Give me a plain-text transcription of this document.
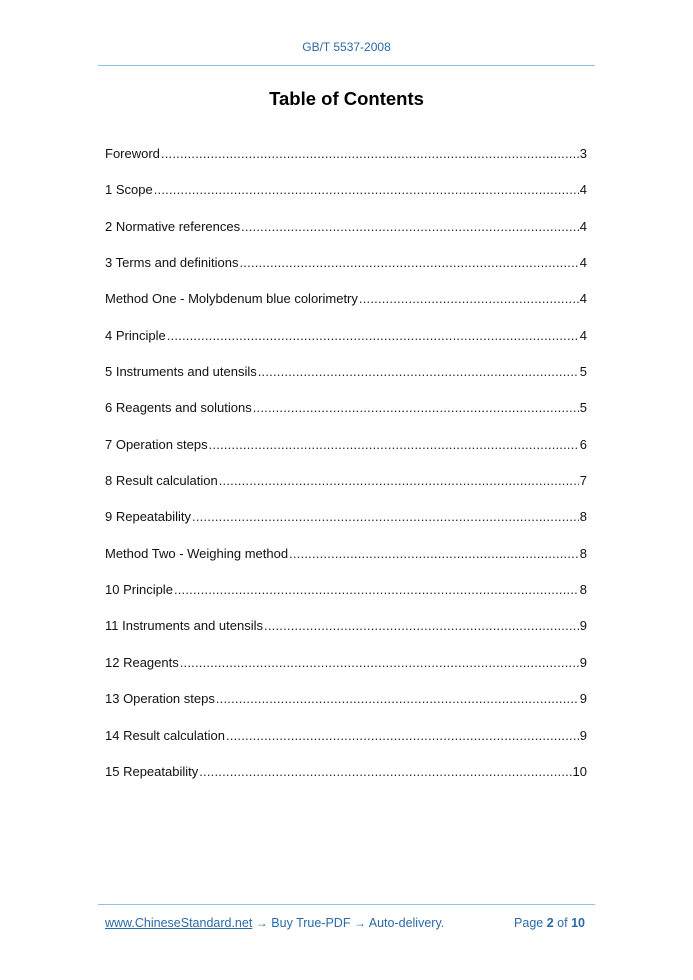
GB/T 5537-2008
Table of Contents
Foreword .....	3
1 Scope .....	4
2 Normative references .....	4
3 Terms and definitions .....	4
Method One - Molybdenum blue colorimetry .....	4
4 Principle .....	4
5 Instruments and utensils .....	5
6 Reagents and solutions .....	5
7 Operation steps .....	6
8 Result calculation .....	7
9 Repeatability .....	8
Method Two - Weighing method .....	8
10 Principle .....	8
11 Instruments and utensils .....	9
12 Reagents .....	9
13 Operation steps .....	9
14 Result calculation .....	9
15 Repeatability .....	10
www.ChineseStandard.net → Buy True-PDF → Auto-delivery.	Page 2 of 10
